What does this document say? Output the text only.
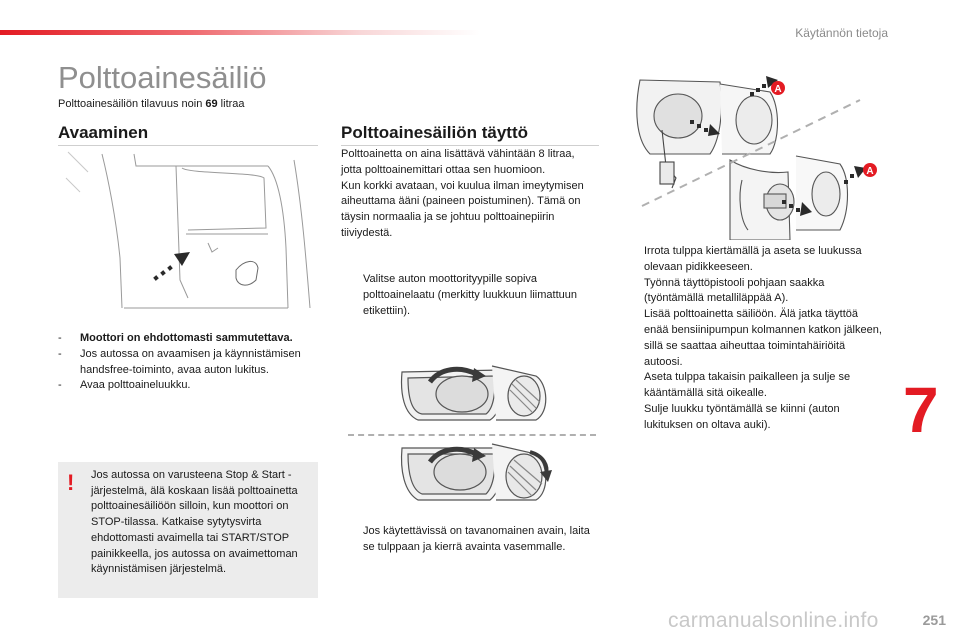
Käytännön tietoja
7
251
carmanualsonline.info
Polttoainesäiliö
Polttoainesäiliön tilavuus noin 69 litraa
Avaaminen
-	Moottori on ehdottomasti sammutettava.
-	Jos autossa on avaamisen ja käynnistämisen handsfree-toiminto, avaa auton lukitus.
-	Avaa polttoaineluukku.
! Jos autossa on varusteena Stop & Start -järjestelmä, älä koskaan lisää polttoainetta polttoainesäiliöön silloin, kun moottori on STOP-tilassa. Katkaise sytytysvirta ehdottomasti avaimella tai START/STOP painikkeella, jos autossa on avaimettoman käynnistämisen järjestelmä.
Polttoainesäiliön täyttö
Polttoainetta on aina lisättävä vähintään 8 litraa, jotta polttoainemittari ottaa sen huomioon.
Kun korkki avataan, voi kuulua ilman imeytymisen aiheuttama ääni (paineen poistuminen). Tämä on täysin normaalia ja se johtuu polttoainepiirin tiiviydestä.
Valitse auton moottorityypille sopiva polttoainelaatu (merkitty luukkuun liimattuun etikettiin).
Jos käytettävissä on tavanomainen avain, laita se tulppaan ja kierrä avainta vasemmalle.
A
A
Irrota tulppa kiertämällä ja aseta se luukussa olevaan pidikkeeseen.
Työnnä täyttöpistooli pohjaan saakka (työntämällä metalliläppää A).
Lisää polttoainetta säiliöön. Älä jatka täyttöä enää bensiinipumpun kolmannen katkon jälkeen, sillä se saattaa aiheuttaa toimintahäiriöitä autoosi.
Aseta tulppa takaisin paikalleen ja sulje se kääntämällä sitä oikealle.
Sulje luukku työntämällä se kiinni (auton lukituksen on oltava auki).
